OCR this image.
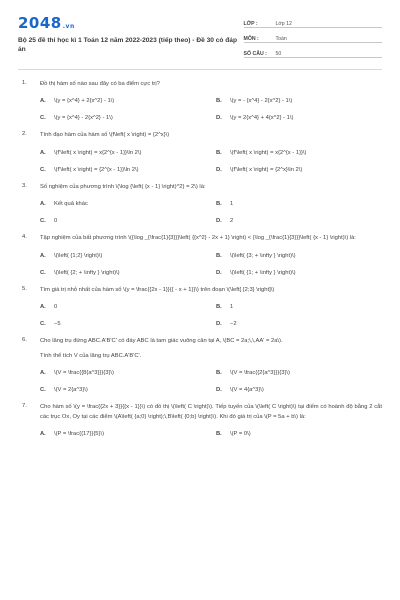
2048.vn
Bộ 25 đề thi học kì 1 Toán 12 năm 2022-2023 (tiếp theo) - Đề 30 có đáp án
LỚP :	Lớp 12
MÔN :	Toán
SỐ CÂU :	50
1.	Đồ thị hàm số nào sau đây có ba điểm cực trị?
A.	\(y = {x^4} + 2{x^2} - 1\)	B.	\(y = - {x^4} - 2{x^2} - 1\)
C.	\(y = {x^4} - 2{x^2} - 1\)	D.	\(y = 2{x^4} + 4{x^2} - 1\)
2.	Tính đạo hàm của hàm số \(f\left( x \right) = {2^x}\)
A.	\(f'\left( x \right) = x{2^{x - 1}}\ln 2\)	B.	\(f'\left( x \right) = x{2^{x - 1}}\)
C.	\(f'\left( x \right) = {2^{x - 1}}\ln 2\)	D.	\(f'\left( x \right) = {2^x}\ln 2\)
3.	Số nghiệm của phương trình \(\log {\left( {x - 1} \right)^2} = 2\) là:
A.	Kết quả khác	B.	1
C.	0	D.	2
4.	Tập nghiệm của bất phương trình \({\log _{\frac{1}{3}}}\left( {{x^2} - 2x + 1} \right) < {\log _{\frac{1}{3}}}\left( {x - 1} \right)\) là:
A.	\(\left( {1;2} \right)\)	B.	\(\left( {3; + \infty } \right)\)
C.	\(\left( {2; + \infty } \right)\)	D.	\(\left( {1; + \infty } \right)\)
5.	Tìm giá trị nhỏ nhất của hàm số \(y = \frac{{2x - 1}}{{ - x + 1}}\) trên đoạn \(\left[ {2;3} \right]\)
A.	0	B.	1
C.	−5	D.	−2
6.	Cho lăng trụ đứng ABC.A'B'C' có đáy ABC là tam giác vuông cân tại A, \(BC = 2a;\,\,AA' = 2a\).
Tính thể tích V của lăng trụ ABC.A'B'C'.
A.	\(V = \frac{{8{a^3}}}{3}\)	B.	\(V = \frac{{2{a^3}}}{3}\)
C.	\(V = 2{a^3}\)	D.	\(V = 4{a^3}\)
7.	Cho hàm số \(y = \frac{{2x + 3}}{{x - 1}}\) có đồ thị \(\left( C \right)\). Tiếp tuyến của \(\left( C \right)\) tại điểm có hoành độ bằng 2 cắt các trục Ox, Oy tại các điểm \(A\left( {a;0} \right);\,B\left( {0;b} \right)\). Khi đó giá trị của \(P = 5a + b\) là:
A.	\(P = \frac{{17}}{5}\)	B.	\(P = 0\)
